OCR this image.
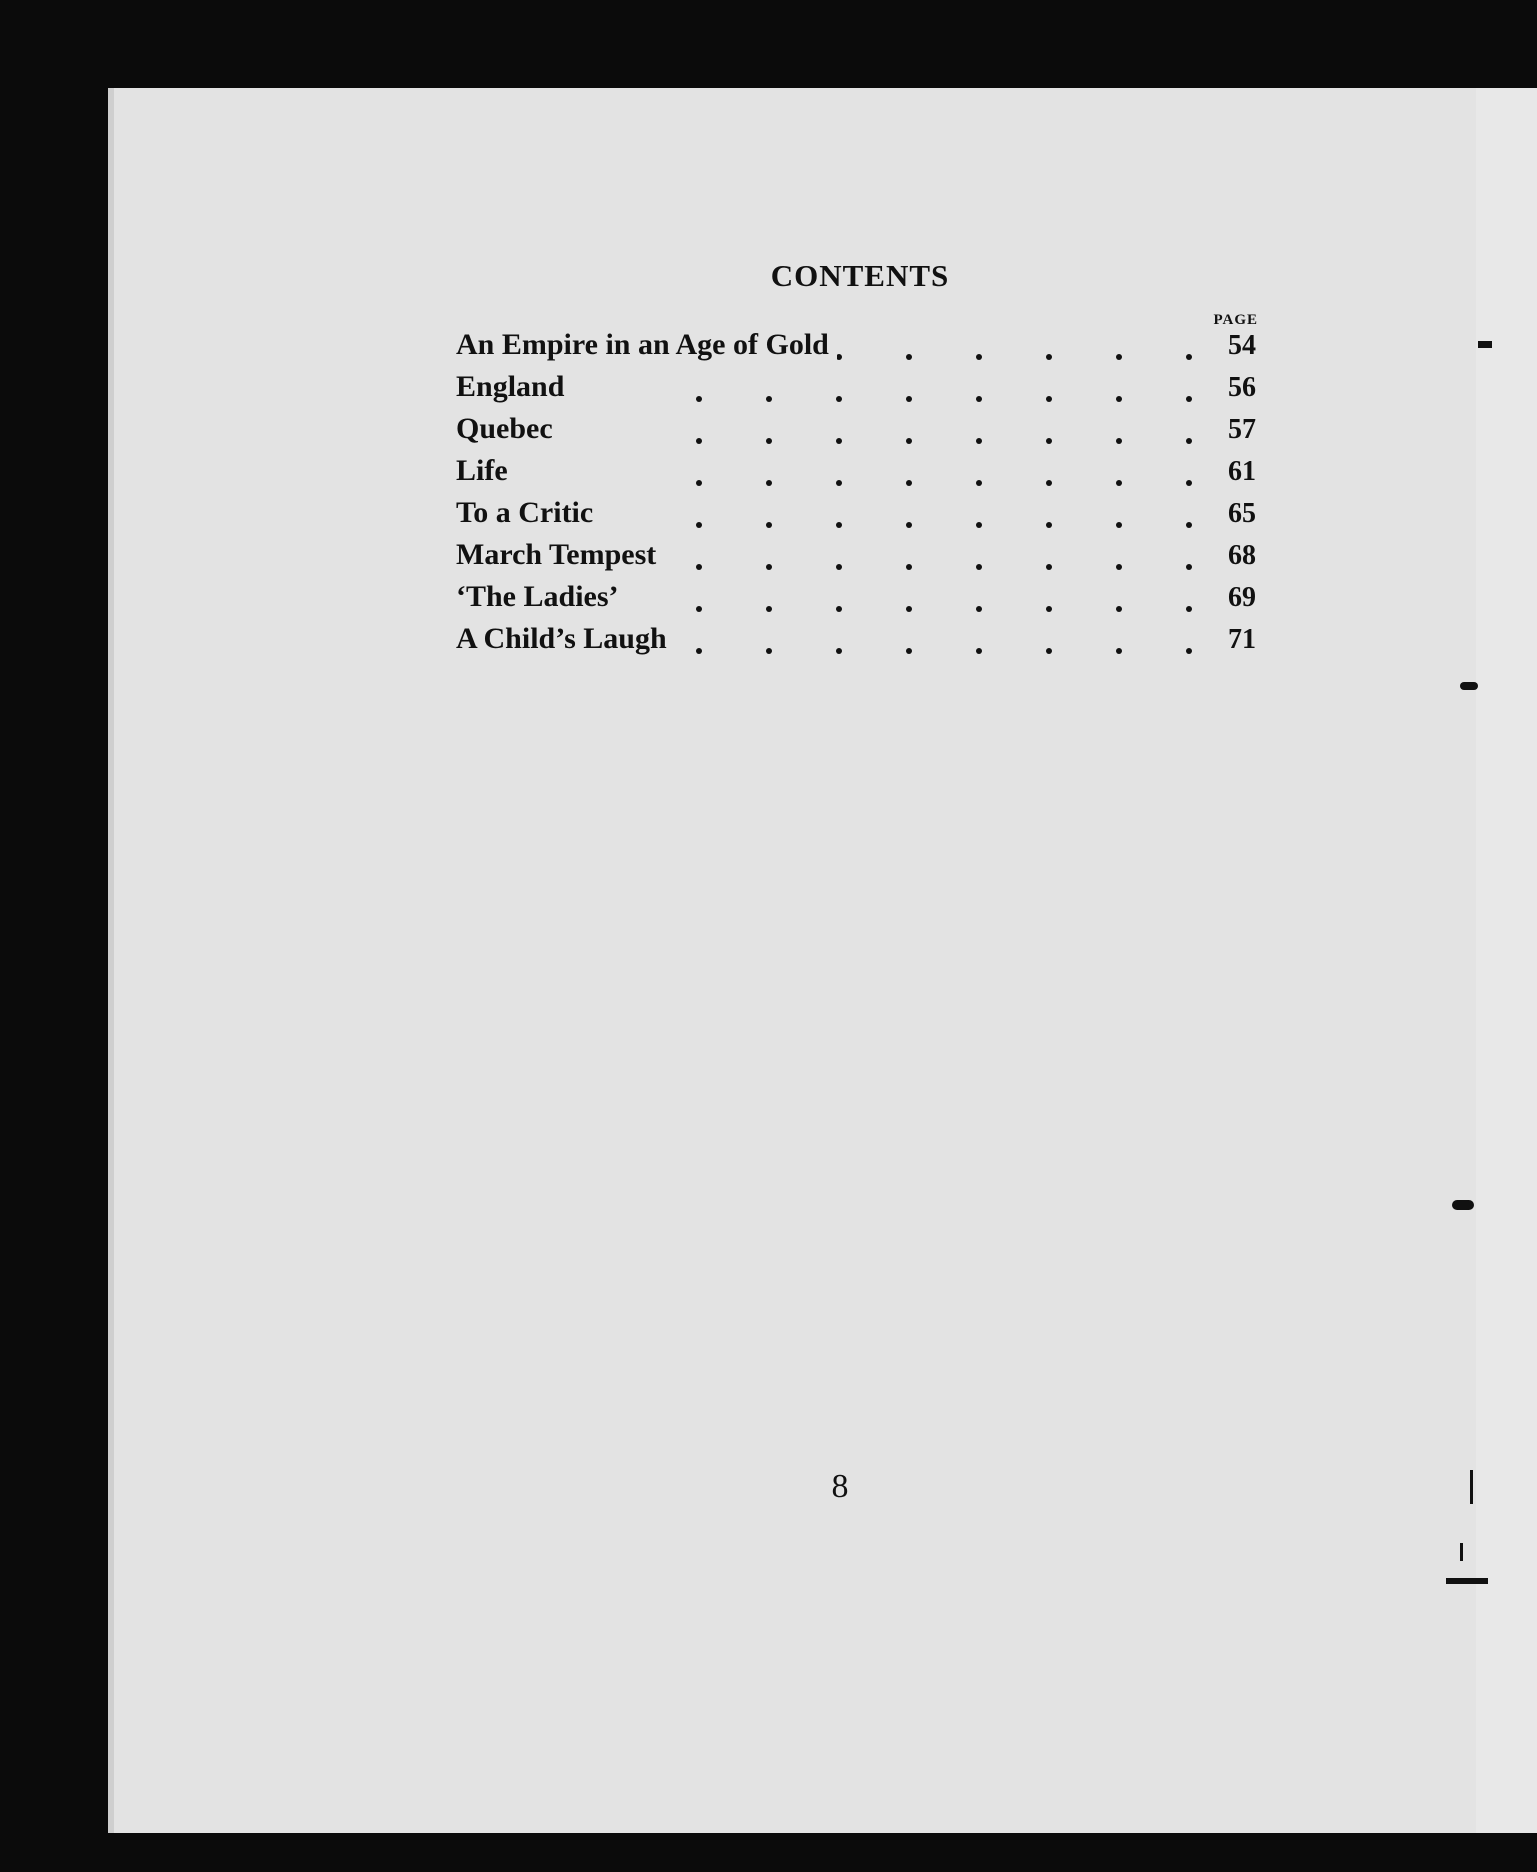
CONTENTS
PAGE
An Empire in an Age of Gold	54
England	56
Quebec	57
Life	61
To a Critic	65
March Tempest	68
‘The Ladies’	69
A Child’s Laugh	71
8
